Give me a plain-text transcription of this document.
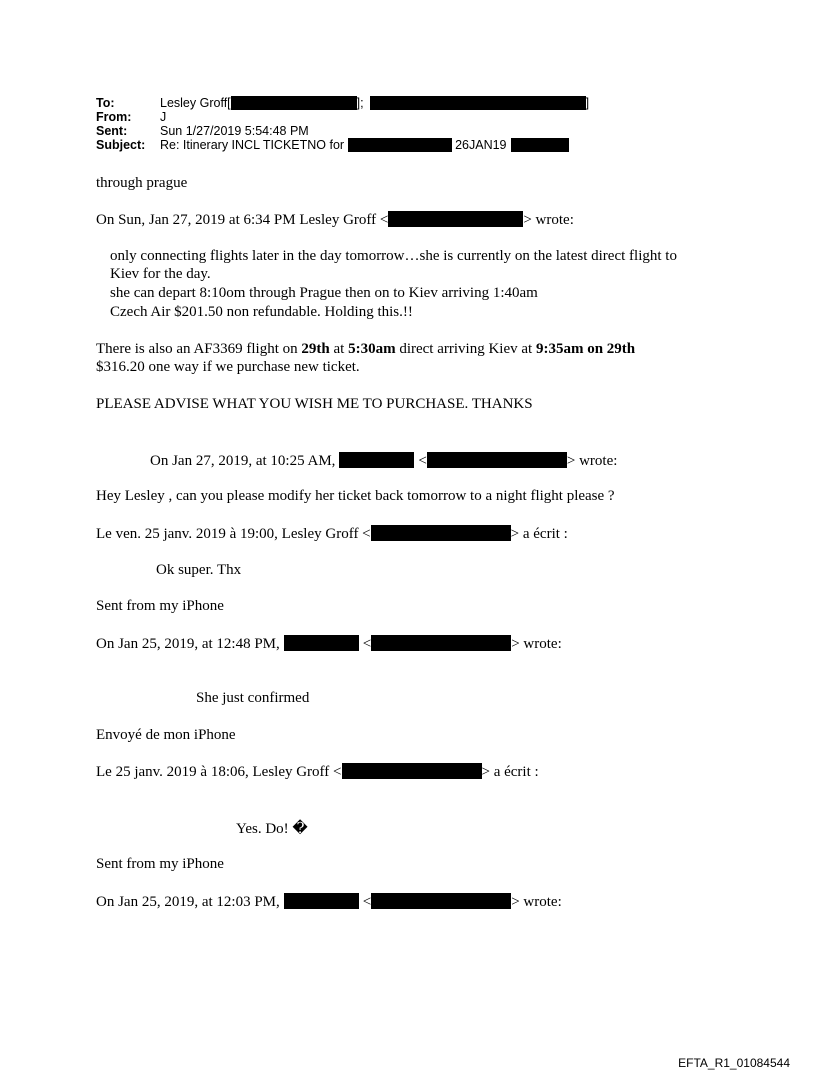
To:	Lesley Groff[	];	]
From: J
Sent:	Sun 1/27/2019 5:54:48 PM
Subject: Re: Itinerary INCL TICKETNO for	26JAN19
through prague
On Sun, Jan 27, 2019 at 6:34 PM Lesley Groff <	> wrote:
only connecting flights later in the day tomorrow…she is currently on the latest direct flight to
Kiev for the day.
she can depart 8:10om through Prague then on to Kiev arriving 1:40am
Czech Air $201.50 non refundable. Holding this.!!
There is also an AF3369 flight on 29th at 5:30am direct arriving Kiev at 9:35am on 29th
$316.20 one way if we purchase new ticket.
PLEASE ADVISE WHAT YOU WISH ME TO PURCHASE. THANKS
On Jan 27, 2019, at 10:25 AM,	<	> wrote:
Hey Lesley , can you please modify her ticket back tomorrow to a night flight please ?
Le ven. 25 janv. 2019 à 19:00, Lesley Groff <	> a écrit :
Ok super. Thx
Sent from my iPhone
On Jan 25, 2019, at 12:48 PM,	<	> wrote:
She just confirmed
Envoyé de mon iPhone
Le 25 janv. 2019 à 18:06, Lesley Groff <	> a écrit :
Yes. Do! �
Sent from my iPhone
On Jan 25, 2019, at 12:03 PM,	<	> wrote:
EFTA_R1_01084544
